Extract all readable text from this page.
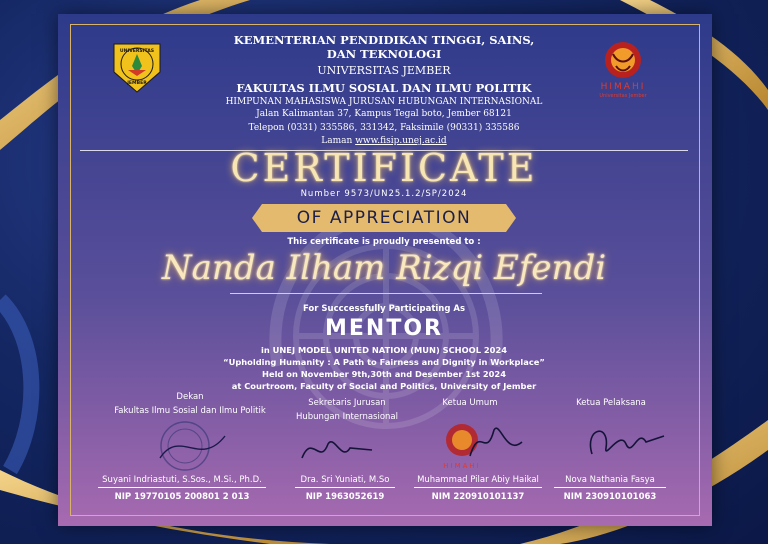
UNIVERSITAS
JEMBER	HIMAHI
Universitas Jember
KEMENTERIAN PENDIDIKAN TINGGI, SAINS,
DAN TEKNOLOGI
UNIVERSITAS JEMBER
FAKULTAS ILMU SOSIAL DAN ILMU POLITIK
HIMPUNAN MAHASISWA JURUSAN HUBUNGAN INTERNASIONAL
Jalan Kalimantan 37, Kampus Tegal boto, Jember 68121
Telepon (0331) 335586, 331342, Faksimile (90331) 335586
Laman www.fisip.unej.ac.id
CERTIFICATE
Number 9573/UN25.1.2/SP/2024
OF APPRECIATION
This certificate is proudly presented to :
Nanda Ilham Rizqi Efendi
For Succcessfully Participating As
MENTOR
in UNEJ MODEL UNITED NATION (MUN) SCHOOL 2024
“Upholding Humanity : A Path to Fairness and Dignity in Workplace”
Held on November 9th,30th and Desember 1st 2024
at Courtroom, Faculty of Social and Politics, University of Jember
Dekan
Fakultas Ilmu Sosial dan Ilmu Politik
Suyani Indriastuti, S.Sos., M.Si., Ph.D.
NIP 19770105 200801 2 013
Sekretaris Jurusan
Hubungan Internasional
Dra. Sri Yuniati, M.So
NIP 1963052619
Ketua Umum
HIMAHI
Muhammad Pilar Abiy Haikal
NIM 220910101137
Ketua Pelaksana
Nova Nathania Fasya
NIM 230910101063
